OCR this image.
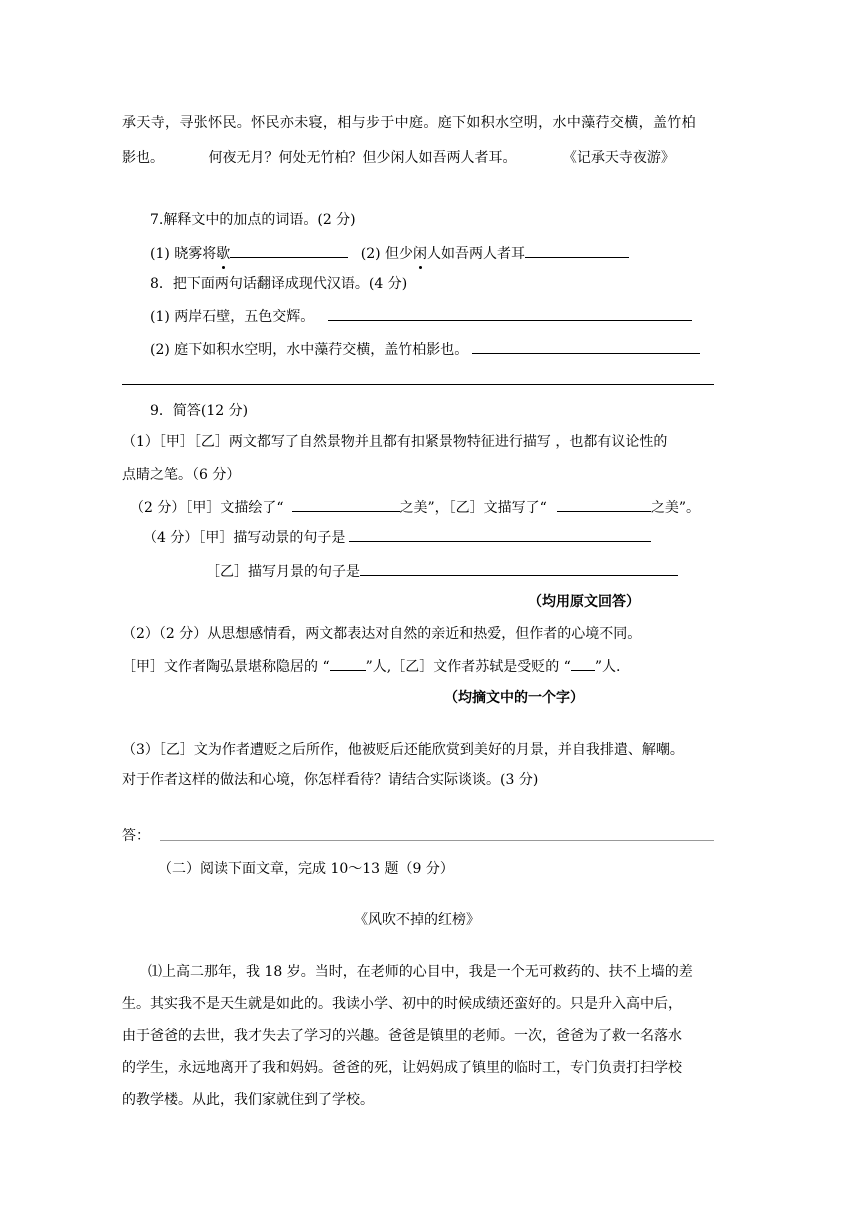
承天寺，寻张怀民。怀民亦未寝，相与步于中庭。庭下如积水空明，水中藻荇交横，盖竹柏
影也。	何夜无月？何处无竹柏？但少闲人如吾两人者耳。	《记承天寺夜游》
7.解释文中的加点的词语。(2 分)
(1) 晓雾将歇	(2) 但少闲人如吾两人者耳
8．把下面两句话翻译成现代汉语。(4 分)
(1) 两岸石壁，五色交辉。
(2) 庭下如积水空明，水中藻荇交横，盖竹柏影也。
9．简答(12 分)
（1）［甲］［乙］两文都写了自然景物并且都有扣紧景物特征进行描写 ，也都有议论性的
点睛之笔。（6 分）
（2 分）［甲］文描绘了“	之美”，［乙］文描写了“	之美”。
（4 分）［甲］描写动景的句子是
［乙］描写月景的句子是
（均用原文回答）
（2）（2 分）从思想感情看，两文都表达对自然的亲近和热爱，但作者的心境不同。
［甲］文作者陶弘景堪称隐居的 “	”人,［乙］文作者苏轼是受贬的 “ ”人.
（均摘文中的一个字）
（3）［乙］文为作者遭贬之后所作，他被贬后还能欣赏到美好的月景，并自我排遣、解嘲。
对于作者这样的做法和心境，你怎样看待？请结合实际谈谈。(3 分)
答：
（二）阅读下面文章，完成 10～13 题（9 分）
《风吹不掉的红榜》
⑴上高二那年，我 18 岁。当时，在老师的心目中，我是一个无可救药的、扶不上墙的差
生。其实我不是天生就是如此的。我读小学、初中的时候成绩还蛮好的。只是升入高中后，
由于爸爸的去世，我才失去了学习的兴趣。爸爸是镇里的老师。一次，爸爸为了救一名落水
的学生，永远地离开了我和妈妈。爸爸的死，让妈妈成了镇里的临时工，专门负责打扫学校
的教学楼。从此，我们家就住到了学校。
